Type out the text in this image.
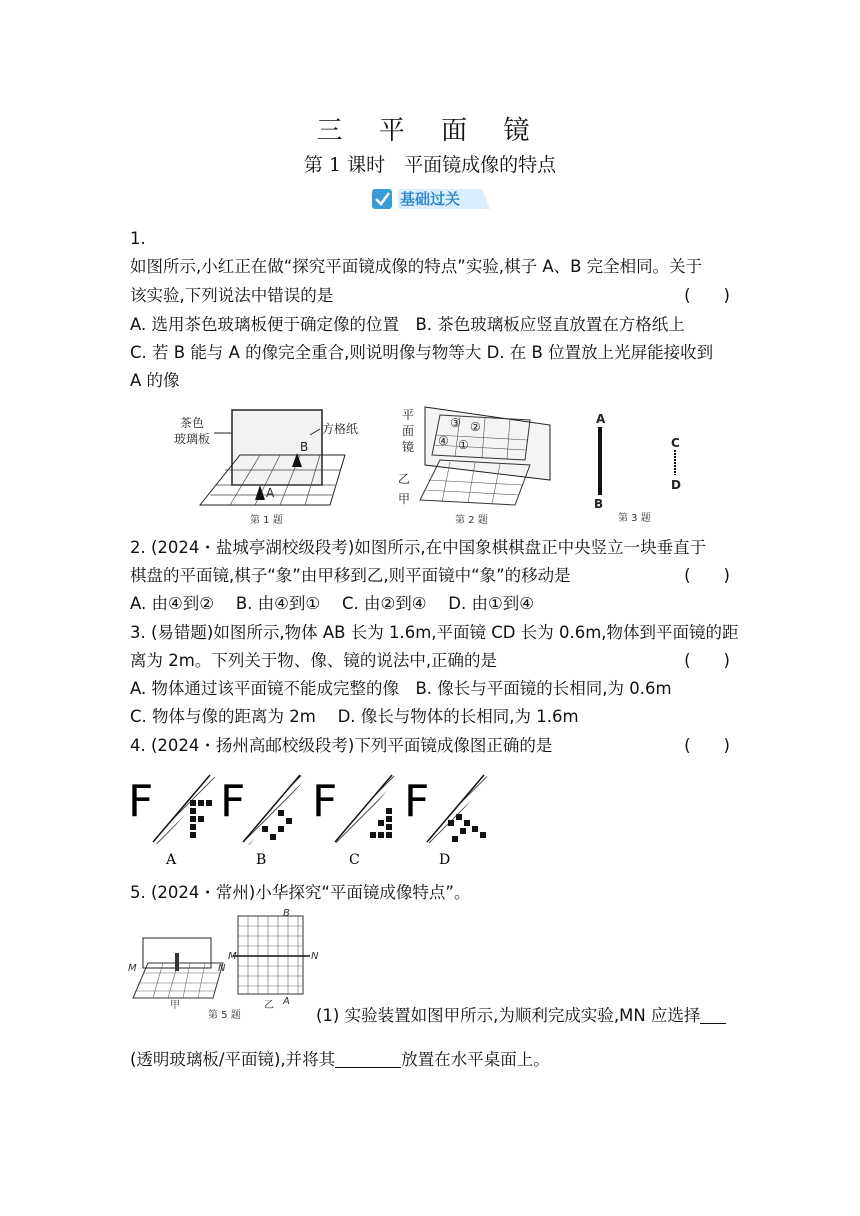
三 平 面 镜
第 1 课时　平面镜成像的特点
基础过关
1.
如图所示,小红正在做“探究平面镜成像的特点”实验,棋子 A、B 完全相同。关于
该实验,下列说法中错误的是	(　　)
A. 选用茶色玻璃板便于确定像的位置　B. 茶色玻璃板应竖直放置在方格纸上
C. 若 B 能与 A 的像完全重合,则说明像与物等大 D. 在 B 位置放上光屏能接收到
A 的像
茶色
玻璃板
方格纸
B
A
第 1 题
平
面
镜
③ ②
④ ①
乙
甲
第 2 题
A
B
C
D
第 3 题
2. (2024・盐城亭湖校级段考)如图所示,在中国象棋棋盘正中央竖立一块垂直于
棋盘的平面镜,棋子“象”由甲移到乙,则平面镜中“象”的移动是	(　　)
A. 由④到②　 B. 由④到①　 C. 由②到④　 D. 由①到④
3. (易错题)如图所示,物体 AB 长为 1.6m,平面镜 CD 长为 0.6m,物体到平面镜的距
离为 2m。下列关于物、像、镜的说法中,正确的是	(　　)
A. 物体通过该平面镜不能成完整的像　B. 像长与平面镜的长相同,为 0.6m
C. 物体与像的距离为 2m　 D. 像长与物体的长相同,为 1.6m
4. (2024・扬州高邮校级段考)下列平面镜成像图正确的是	(　　)
F
A
F
B
F
C
F
D
5. (2024・常州)小华探究“平面镜成像特点”。
M	N
甲
M	N
B
A
乙
第 5 题	(1) 实验装置如图甲所示,为顺利完成实验,MN 应选择
(透明玻璃板/平面镜),并将其	放置在水平桌面上。
